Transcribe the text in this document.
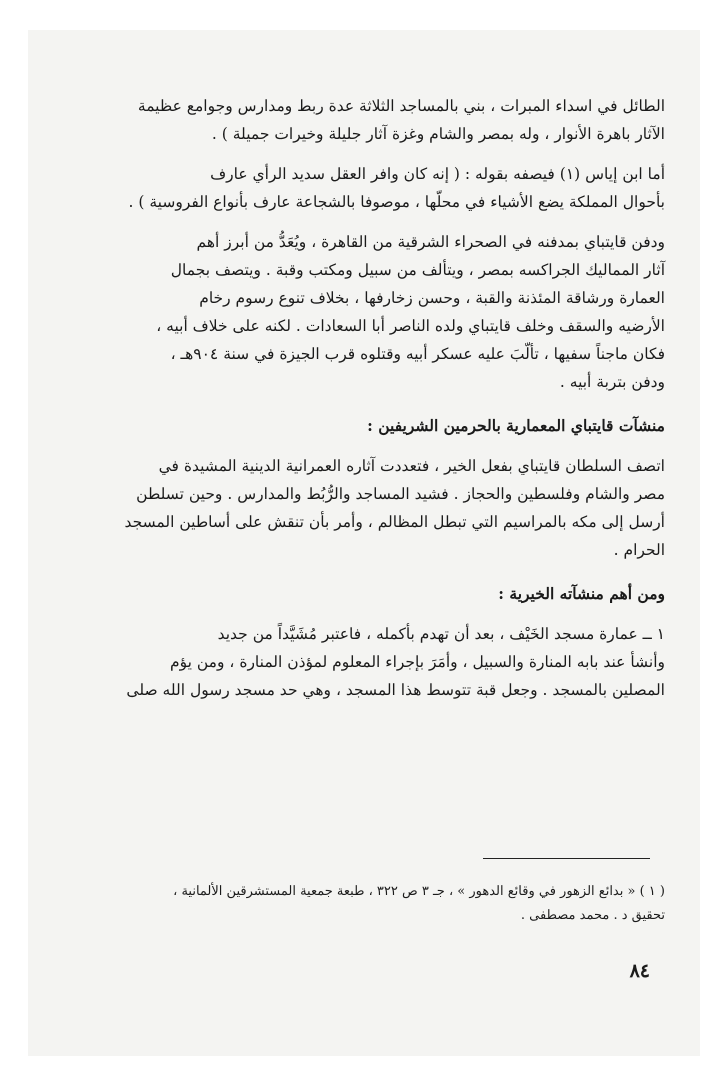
الطائل في اسداء المبرات ، بني بالمساجد الثلاثة عدة ربط ومدارس وجوامع عظيمة

الآثار باهرة الأنوار ، وله بمصر والشام وغزة آثار جليلة وخيرات جميلة ) .

أما ابن إياس (١) فيصفه بقوله : ( إنه كان وافر العقل سديد الرأي عارف

بأحوال المملكة يضع الأشياء في محلّها ، موصوفا بالشجاعة عارف بأنواع الفروسية ) .

ودفن قايتباي بمدفنه في الصحراء الشرقية من القاهرة ، ويُعَدُّ من أبرز أهم

آثار المماليك الجراكسه بمصر ، ويتألف من سبيل ومكتب وقبة . ويتصف بجمال

العمارة ورشاقة المئذنة والقبة ، وحسن زخارفها ، بخلاف تنوع رسوم رخام

الأرضيه والسقف وخلف قايتباي ولده الناصر أبا السعادات . لكنه على خلاف أبيه ،

فكان ماجناً سفيها ، تألّبَ عليه عسكر أبيه وقتلوه قرب الجيزة في سنة ٩٠٤هـ ،

ودفن بتربة أبيه .

منشآت قايتباي المعمارية بالحرمين الشريفين :

اتصف السلطان قايتباي بفعل الخير ، فتعددت آثاره العمرانية الدينية المشيدة في

مصر والشام وفلسطين والحجاز . فشيد المساجد والرُّبُط والمدارس . وحين تسلطن

أرسل إلى مكه بالمراسيم التي تبطل المظالم ، وأمر بأن تنقش على أساطين المسجد

الحرام .

ومن أهم منشآته الخيرية :

١ ــ عمارة مسجد الخَيْف ، بعد أن تهدم بأكمله ، فاعتبر مُشَيَّداً من جديد

وأنشأ عند بابه المنارة والسبيل ، وأمَرَ بإجراء المعلوم لمؤذن المنارة ، ومن يؤم

المصلين بالمسجد . وجعل قبة تتوسط هذا المسجد ، وهي حد مسجد رسول الله صلى

( ١ ) « بدائع الزهور في وقائع الدهور » ، جـ ٣ ص ٣٢٢ ، طبعة جمعية المستشرقين الألمانية ،

تحقيق د . محمد مصطفى .

٨٤
